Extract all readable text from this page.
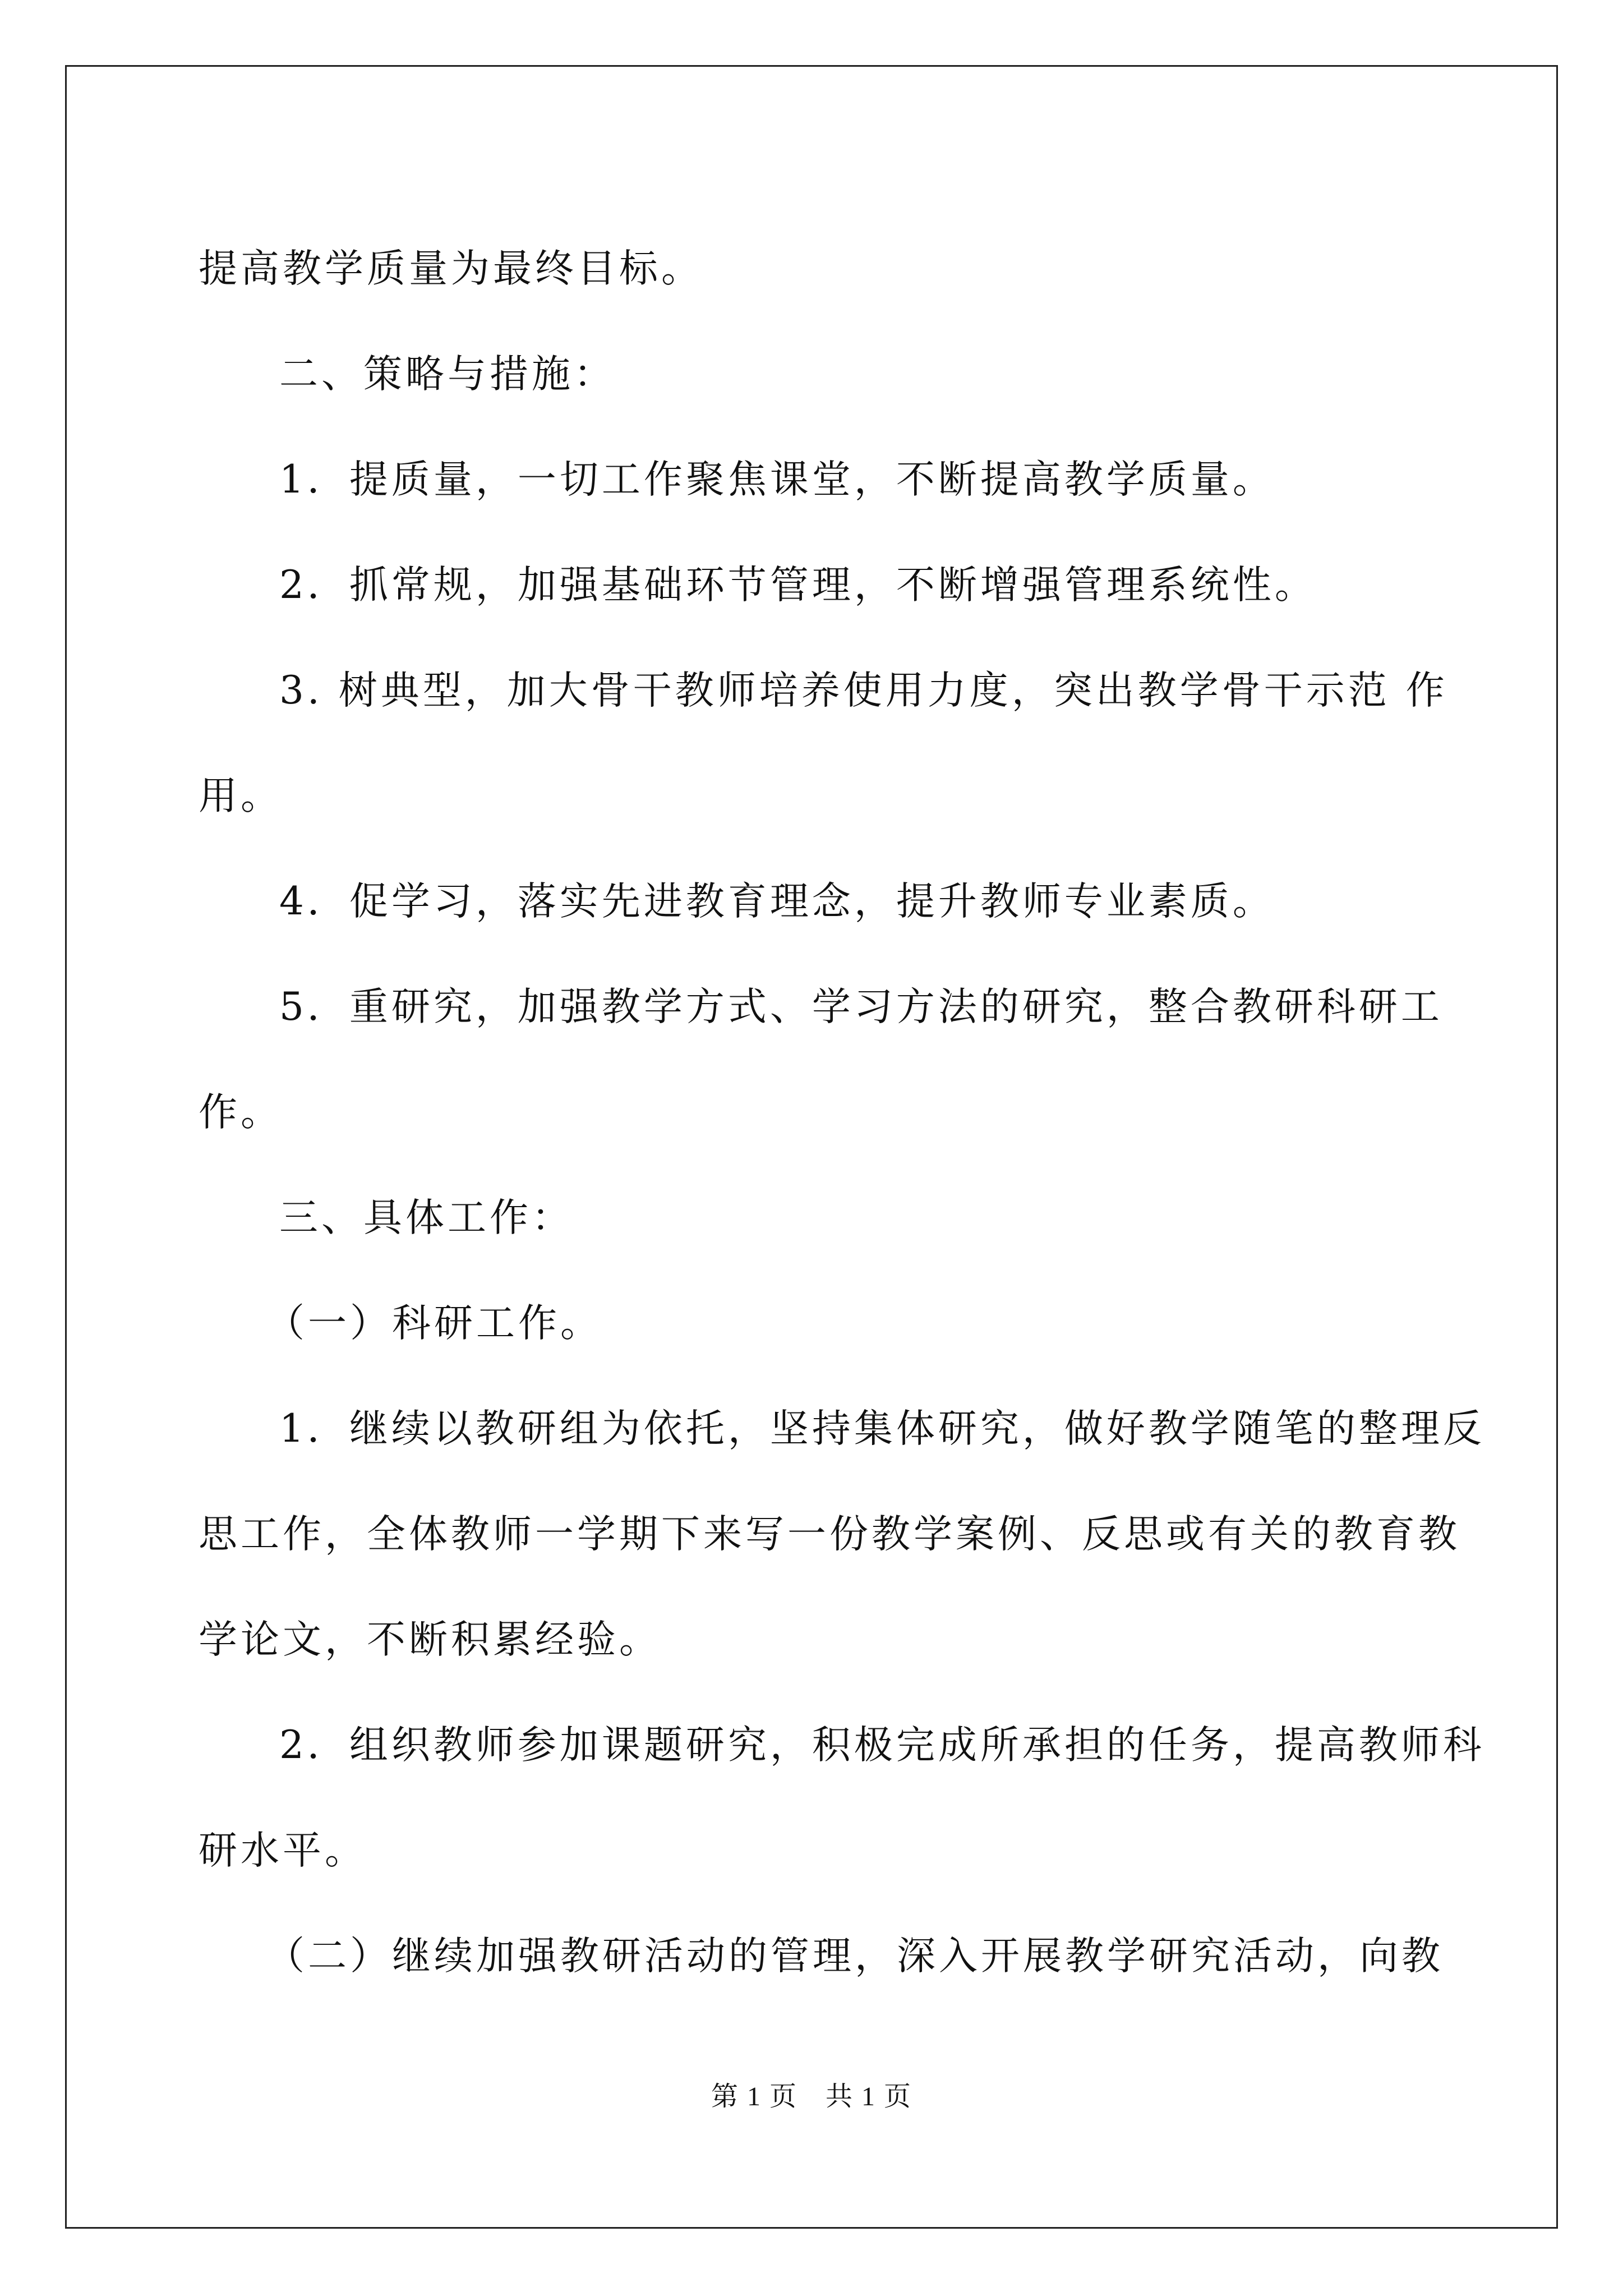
提高教学质量为最终目标。

二、策略与措施：

1．提质量，一切工作聚焦课堂，不断提高教学质量。

2．抓常规，加强基础环节管理，不断增强管理系统性。

3. 树典型，加大骨干教师培养使用力度，突出教学骨干示范 作

用。

4．促学习，落实先进教育理念，提升教师专业素质。

5．重研究，加强教学方式、学习方法的研究，整合教研科研工

作。

三、具体工作：

（一）科研工作。

1．继续以教研组为依托，坚持集体研究，做好教学随笔的整理反

思工作，全体教师一学期下来写一份教学案例、反思或有关的教育教

学论文，不断积累经验。

2．组织教师参加课题研究，积极完成所承担的任务，提高教师科

研水平。

（二）继续加强教研活动的管理，深入开展教学研究活动，向教

第 1 页　共 1 页
